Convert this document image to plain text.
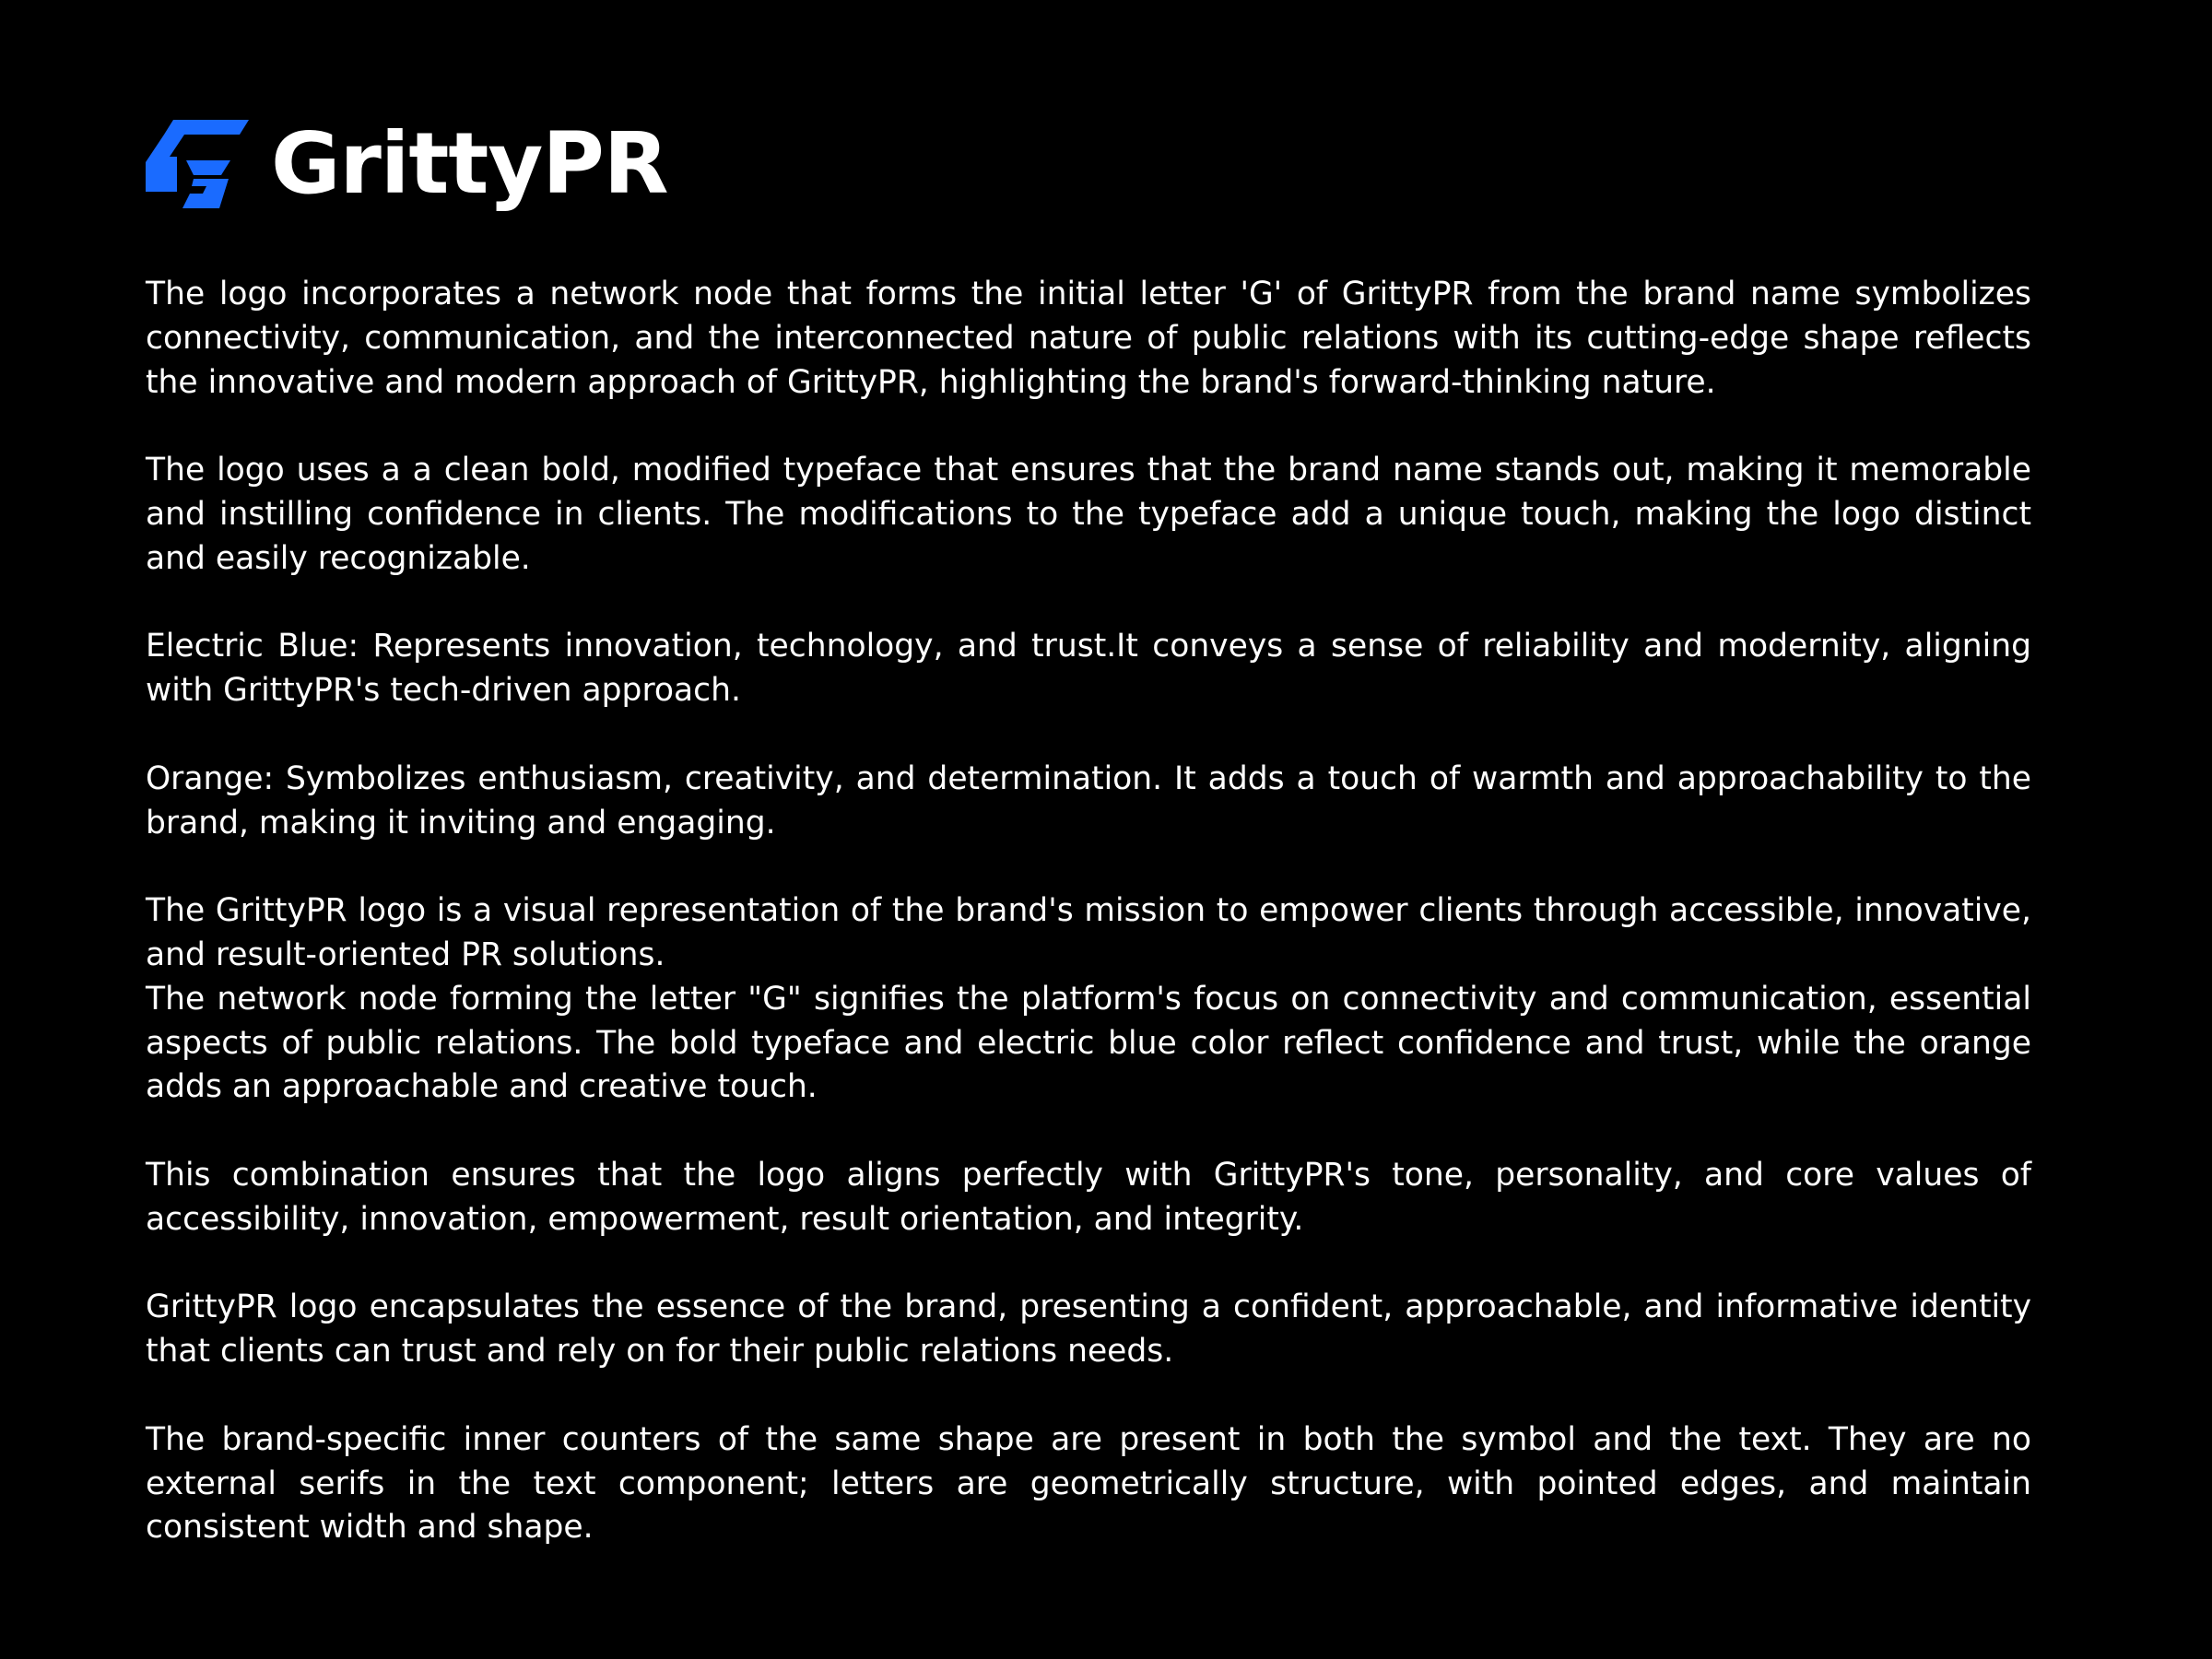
GrittyPR

The logo incorporates a network node that forms the initial letter 'G' of GrittyPR from the brand name symbolizes connectivity, communication, and the interconnected nature of public relations with its cutting-edge shape reflects the innovative and modern approach of GrittyPR, highlighting the brand's forward-thinking nature.

The logo uses a a clean bold, modified typeface that ensures that the brand name stands out, making it memorable and instilling confidence in clients. The modifications to the typeface add a unique touch, making the logo distinct and easily recognizable.

Electric Blue: Represents innovation, technology, and trust.It conveys a sense of reliability and modernity, aligning with GrittyPR's tech-driven approach.

Orange: Symbolizes enthusiasm, creativity, and determination. It adds a touch of warmth and approachability to the brand, making it inviting and engaging.

The GrittyPR logo is a visual representation of the brand's mission to empower clients through accessible, innovative, and result-oriented PR solutions.

The network node forming the letter "G" signifies the platform's focus on connectivity and communication, essential aspects of public relations. The bold typeface and electric blue color reflect confidence and trust, while the orange adds an approachable and creative touch.

This combination ensures that the logo aligns perfectly with GrittyPR's tone, personality, and core values of accessibility, innovation, empowerment, result orientation, and integrity.

GrittyPR logo encapsulates the essence of the brand, presenting a confident, approachable, and informative identity that clients can trust and rely on for their public relations needs.

The brand-specific inner counters of the same shape are present in both the symbol and the text. They are no external serifs in the text component; letters are geometrically structure, with pointed edges, and maintain consistent width and shape.
